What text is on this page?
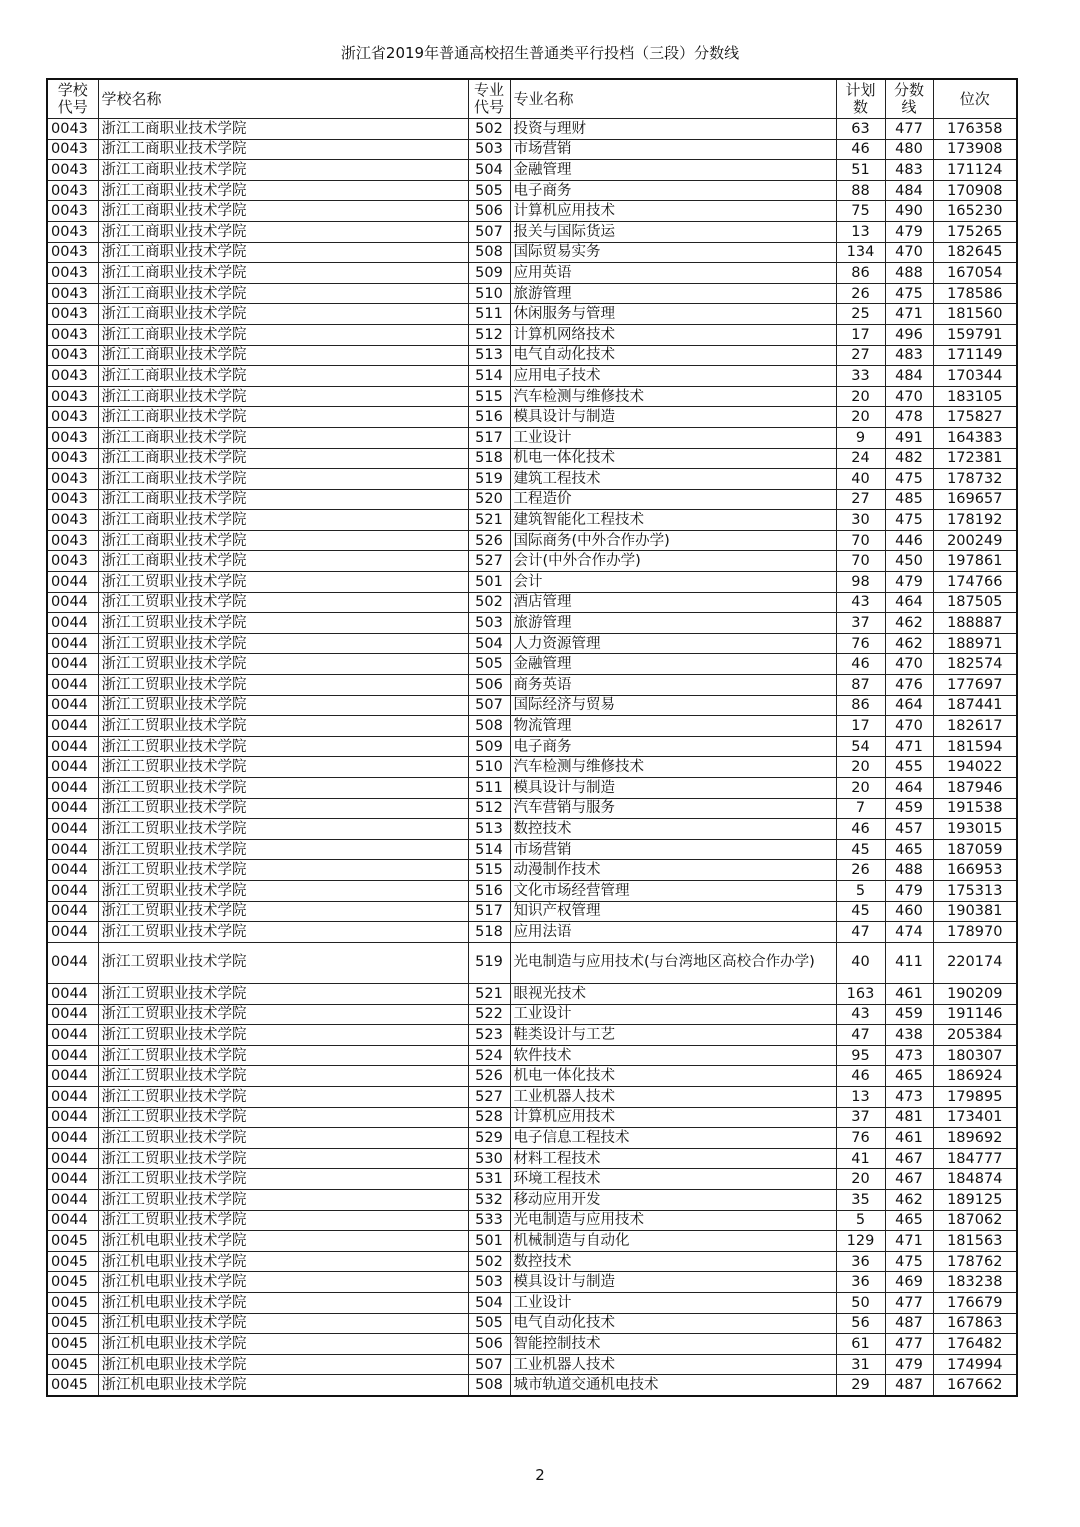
浙江省2019年普通高校招生普通类平行投档（三段）分数线
学校代号	学校名称	专业代号	专业名称	计划数	分数线	位次
0043	浙江工商职业技术学院	502	投资与理财	63	477	176358
0043	浙江工商职业技术学院	503	市场营销	46	480	173908
0043	浙江工商职业技术学院	504	金融管理	51	483	171124
0043	浙江工商职业技术学院	505	电子商务	88	484	170908
0043	浙江工商职业技术学院	506	计算机应用技术	75	490	165230
0043	浙江工商职业技术学院	507	报关与国际货运	13	479	175265
0043	浙江工商职业技术学院	508	国际贸易实务	134	470	182645
0043	浙江工商职业技术学院	509	应用英语	86	488	167054
0043	浙江工商职业技术学院	510	旅游管理	26	475	178586
0043	浙江工商职业技术学院	511	休闲服务与管理	25	471	181560
0043	浙江工商职业技术学院	512	计算机网络技术	17	496	159791
0043	浙江工商职业技术学院	513	电气自动化技术	27	483	171149
0043	浙江工商职业技术学院	514	应用电子技术	33	484	170344
0043	浙江工商职业技术学院	515	汽车检测与维修技术	20	470	183105
0043	浙江工商职业技术学院	516	模具设计与制造	20	478	175827
0043	浙江工商职业技术学院	517	工业设计	9	491	164383
0043	浙江工商职业技术学院	518	机电一体化技术	24	482	172381
0043	浙江工商职业技术学院	519	建筑工程技术	40	475	178732
0043	浙江工商职业技术学院	520	工程造价	27	485	169657
0043	浙江工商职业技术学院	521	建筑智能化工程技术	30	475	178192
0043	浙江工商职业技术学院	526	国际商务(中外合作办学)	70	446	200249
0043	浙江工商职业技术学院	527	会计(中外合作办学)	70	450	197861
0044	浙江工贸职业技术学院	501	会计	98	479	174766
0044	浙江工贸职业技术学院	502	酒店管理	43	464	187505
0044	浙江工贸职业技术学院	503	旅游管理	37	462	188887
0044	浙江工贸职业技术学院	504	人力资源管理	76	462	188971
0044	浙江工贸职业技术学院	505	金融管理	46	470	182574
0044	浙江工贸职业技术学院	506	商务英语	87	476	177697
0044	浙江工贸职业技术学院	507	国际经济与贸易	86	464	187441
0044	浙江工贸职业技术学院	508	物流管理	17	470	182617
0044	浙江工贸职业技术学院	509	电子商务	54	471	181594
0044	浙江工贸职业技术学院	510	汽车检测与维修技术	20	455	194022
0044	浙江工贸职业技术学院	511	模具设计与制造	20	464	187946
0044	浙江工贸职业技术学院	512	汽车营销与服务	7	459	191538
0044	浙江工贸职业技术学院	513	数控技术	46	457	193015
0044	浙江工贸职业技术学院	514	市场营销	45	465	187059
0044	浙江工贸职业技术学院	515	动漫制作技术	26	488	166953
0044	浙江工贸职业技术学院	516	文化市场经营管理	5	479	175313
0044	浙江工贸职业技术学院	517	知识产权管理	45	460	190381
0044	浙江工贸职业技术学院	518	应用法语	47	474	178970
0044	浙江工贸职业技术学院	519	光电制造与应用技术(与台湾地区高校合作办学)	40	411	220174
0044	浙江工贸职业技术学院	521	眼视光技术	163	461	190209
0044	浙江工贸职业技术学院	522	工业设计	43	459	191146
0044	浙江工贸职业技术学院	523	鞋类设计与工艺	47	438	205384
0044	浙江工贸职业技术学院	524	软件技术	95	473	180307
0044	浙江工贸职业技术学院	526	机电一体化技术	46	465	186924
0044	浙江工贸职业技术学院	527	工业机器人技术	13	473	179895
0044	浙江工贸职业技术学院	528	计算机应用技术	37	481	173401
0044	浙江工贸职业技术学院	529	电子信息工程技术	76	461	189692
0044	浙江工贸职业技术学院	530	材料工程技术	41	467	184777
0044	浙江工贸职业技术学院	531	环境工程技术	20	467	184874
0044	浙江工贸职业技术学院	532	移动应用开发	35	462	189125
0044	浙江工贸职业技术学院	533	光电制造与应用技术	5	465	187062
0045	浙江机电职业技术学院	501	机械制造与自动化	129	471	181563
0045	浙江机电职业技术学院	502	数控技术	36	475	178762
0045	浙江机电职业技术学院	503	模具设计与制造	36	469	183238
0045	浙江机电职业技术学院	504	工业设计	50	477	176679
0045	浙江机电职业技术学院	505	电气自动化技术	56	487	167863
0045	浙江机电职业技术学院	506	智能控制技术	61	477	176482
0045	浙江机电职业技术学院	507	工业机器人技术	31	479	174994
0045	浙江机电职业技术学院	508	城市轨道交通机电技术	29	487	167662
2
